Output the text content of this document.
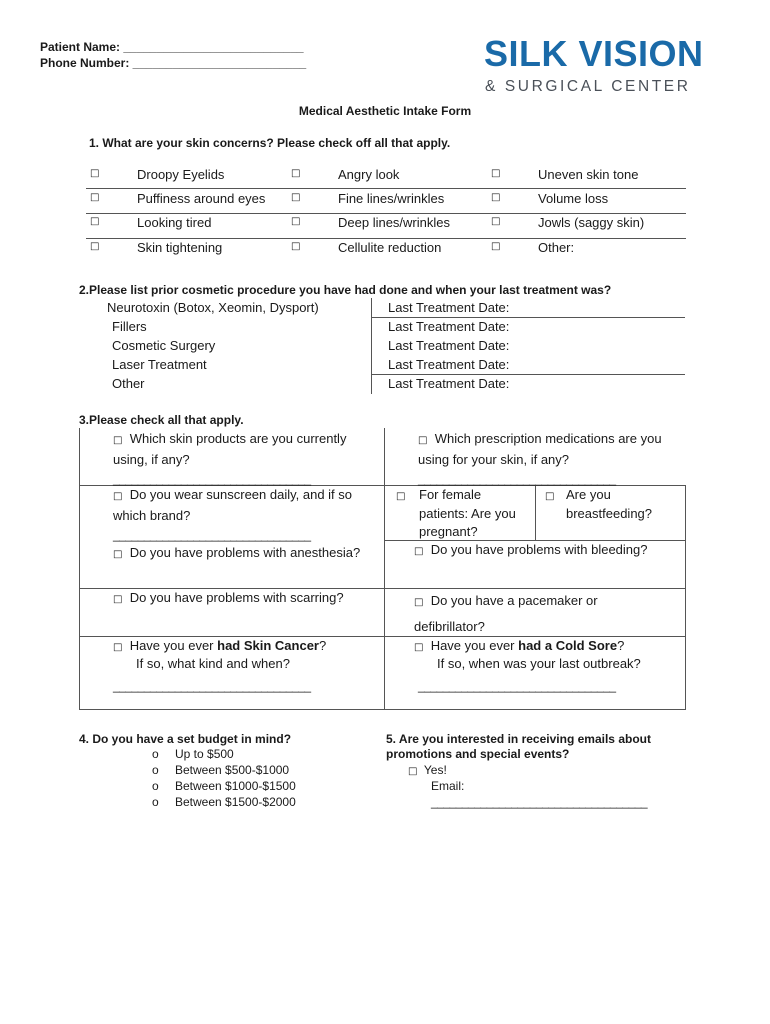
Patient Name: ___________________________
Phone Number: __________________________	SILK VISION
& SURGICAL CENTER
Medical Aesthetic Intake Form
1. What are your skin concerns? Please check off all that apply.
□	Droopy Eyelids	□	Angry look	□	Uneven skin tone
□	Puffiness around eyes	□	Fine lines/wrinkles	□	Volume loss
□	Looking tired	□	Deep lines/wrinkles	□	Jowls (saggy skin)
□	Skin tightening	□	Cellulite reduction	□	Other:
2.Please list prior cosmetic procedure you have had done and when your last treatment was?
Neurotoxin (Botox, Xeomin, Dysport)	Last Treatment Date:
Fillers	Last Treatment Date:
Cosmetic Surgery	Last Treatment Date:
Laser Treatment	Last Treatment Date:
Other	Last Treatment Date:
3.Please check all that apply.
□ Which skin products are you currently using, if any?
________________________________
□ Which prescription medications are you using for your skin, if any?
________________________________
□ Do you wear sunscreen daily, and if so which brand?
________________________________
□ For female patients: Are you pregnant?
□ Are you breastfeeding?
□ Do you have problems with anesthesia?	□ Do you have problems with bleeding?
□ Do you have problems with scarring?	□ Do you have a pacemaker or defibrillator?
□ Have you ever had Skin Cancer?
If so, what kind and when?
________________________________
□ Have you ever had a Cold Sore?
If so, when was your last outbreak?
________________________________
4. Do you have a set budget in mind?
o Up to $500
o Between $500-$1000
o Between $1000-$1500
o Between $1500-$2000
5. Are you interested in receiving emails about
promotions and special events?
□ Yes!
Email:
___________________________________
